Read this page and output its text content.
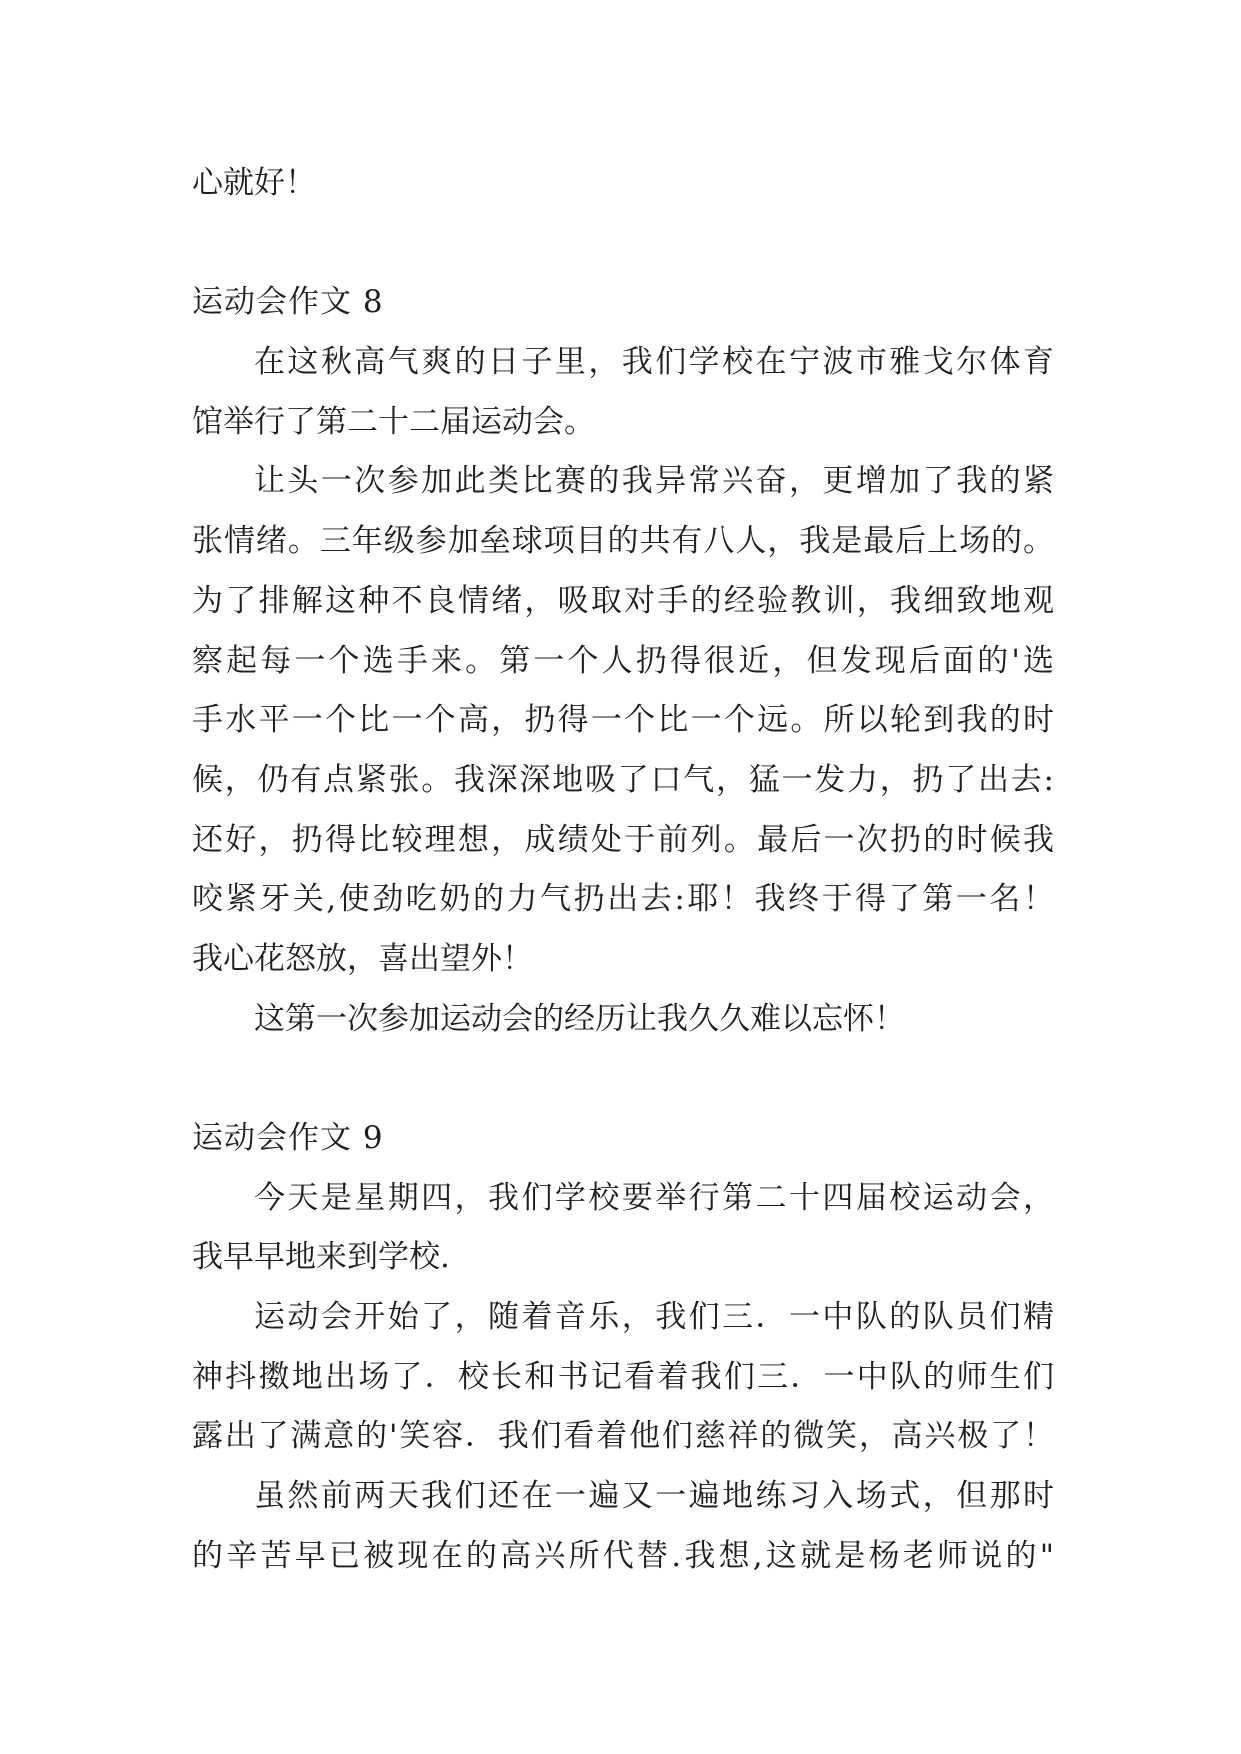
心就好！
运动会作文 8
在这秋高气爽的日子里，我们学校在宁波市雅戈尔体育
馆举行了第二十二届运动会。
让头一次参加此类比赛的我异常兴奋，更增加了我的紧
张情绪。三年级参加垒球项目的共有八人，我是最后上场的。
为了排解这种不良情绪，吸取对手的经验教训，我细致地观
察起每一个选手来。第一个人扔得很近，但发现后面的'选
手水平一个比一个高，扔得一个比一个远。所以轮到我的时
候，仍有点紧张。我深深地吸了口气，猛一发力，扔了出去:
还好，扔得比较理想，成绩处于前列。最后一次扔的时候我
咬紧牙关,使劲吃奶的力气扔出去:耶！我终于得了第一名！
我心花怒放，喜出望外！
这第一次参加运动会的经历让我久久难以忘怀！
运动会作文 9
今天是星期四，我们学校要举行第二十四届校运动会，
我早早地来到学校.
运动会开始了，随着音乐，我们三．一中队的队员们精
神抖擞地出场了．校长和书记看着我们三．一中队的师生们
露出了满意的'笑容．我们看着他们慈祥的微笑，高兴极了！
虽然前两天我们还在一遍又一遍地练习入场式，但那时
的辛苦早已被现在的高兴所代替.我想,这就是杨老师说的"
